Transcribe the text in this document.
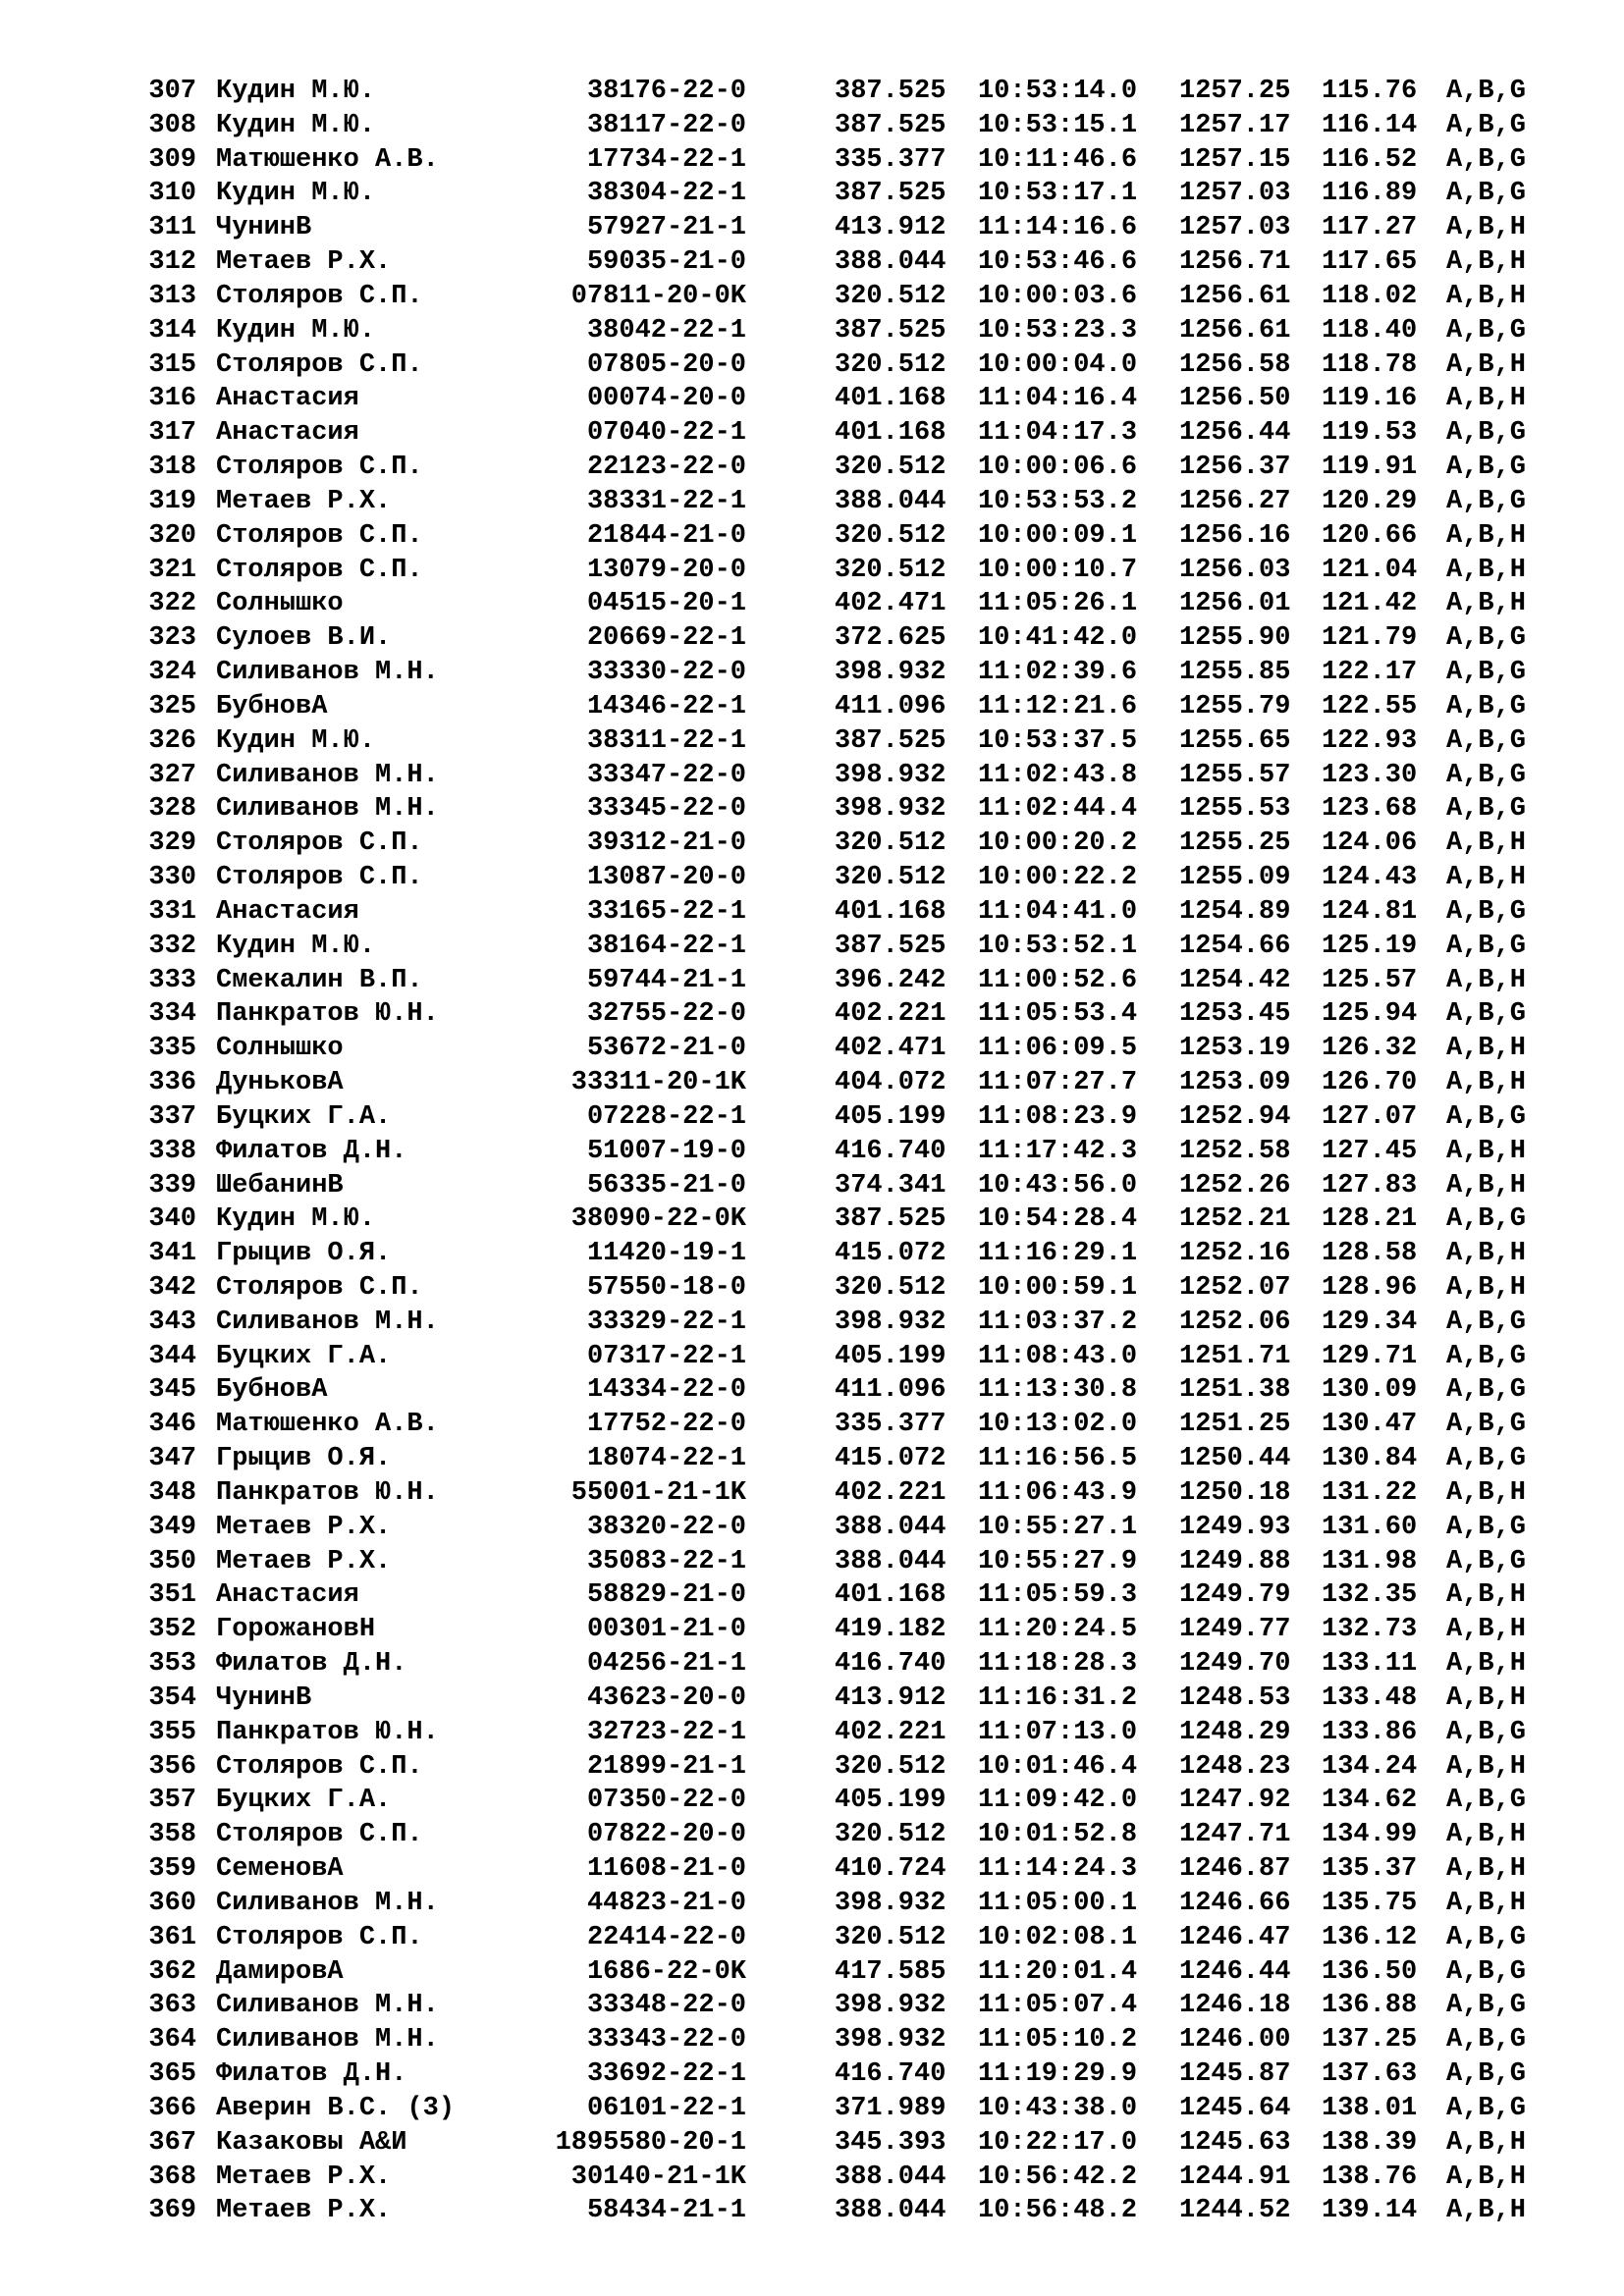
307 Кудин М.Ю.	38176-22-0	387.525 10:53:14.0 1257.25 115.76 A,B,G
308 Кудин М.Ю.	38117-22-0	387.525 10:53:15.1 1257.17 116.14 A,B,G
309 Матюшенко А.В.	17734-22-1	335.377 10:11:46.6 1257.15 116.52 A,B,G
310 Кудин М.Ю.	38304-22-1	387.525 10:53:17.1 1257.03 116.89 A,B,G
311 ЧунинВ	57927-21-1	413.912 11:14:16.6 1257.03 117.27 A,B,H
312 Метаев Р.Х.	59035-21-0	388.044 10:53:46.6 1256.71 117.65 A,B,H
313 Столяров С.П.	07811-20-0K	320.512 10:00:03.6 1256.61 118.02 A,B,H
314 Кудин М.Ю.	38042-22-1	387.525 10:53:23.3 1256.61 118.40 A,B,G
315 Столяров С.П.	07805-20-0	320.512 10:00:04.0 1256.58 118.78 A,B,H
316 Анастасия	00074-20-0	401.168 11:04:16.4 1256.50 119.16 A,B,H
317 Анастасия	07040-22-1	401.168 11:04:17.3 1256.44 119.53 A,B,G
318 Столяров С.П.	22123-22-0	320.512 10:00:06.6 1256.37 119.91 A,B,G
319 Метаев Р.Х.	38331-22-1	388.044 10:53:53.2 1256.27 120.29 A,B,G
320 Столяров С.П.	21844-21-0	320.512 10:00:09.1 1256.16 120.66 A,B,H
321 Столяров С.П.	13079-20-0	320.512 10:00:10.7 1256.03 121.04 A,B,H
322 Солнышко	04515-20-1	402.471 11:05:26.1 1256.01 121.42 A,B,H
323 Сулоев В.И.	20669-22-1	372.625 10:41:42.0 1255.90 121.79 A,B,G
324 Силиванов М.Н.	33330-22-0	398.932 11:02:39.6 1255.85 122.17 A,B,G
325 БубновА	14346-22-1	411.096 11:12:21.6 1255.79 122.55 A,B,G
326 Кудин М.Ю.	38311-22-1	387.525 10:53:37.5 1255.65 122.93 A,B,G
327 Силиванов М.Н.	33347-22-0	398.932 11:02:43.8 1255.57 123.30 A,B,G
328 Силиванов М.Н.	33345-22-0	398.932 11:02:44.4 1255.53 123.68 A,B,G
329 Столяров С.П.	39312-21-0	320.512 10:00:20.2 1255.25 124.06 A,B,H
330 Столяров С.П.	13087-20-0	320.512 10:00:22.2 1255.09 124.43 A,B,H
331 Анастасия	33165-22-1	401.168 11:04:41.0 1254.89 124.81 A,B,G
332 Кудин М.Ю.	38164-22-1	387.525 10:53:52.1 1254.66 125.19 A,B,G
333 Смекалин В.П.	59744-21-1	396.242 11:00:52.6 1254.42 125.57 A,B,H
334 Панкратов Ю.Н.	32755-22-0	402.221 11:05:53.4 1253.45 125.94 A,B,G
335 Солнышко	53672-21-0	402.471 11:06:09.5 1253.19 126.32 A,B,H
336 ДуньковА	33311-20-1K	404.072 11:07:27.7 1253.09 126.70 A,B,H
337 Буцких Г.А.	07228-22-1	405.199 11:08:23.9 1252.94 127.07 A,B,G
338 Филатов Д.Н.	51007-19-0	416.740 11:17:42.3 1252.58 127.45 A,B,H
339 ШебанинВ	56335-21-0	374.341 10:43:56.0 1252.26 127.83 A,B,H
340 Кудин М.Ю.	38090-22-0K	387.525 10:54:28.4 1252.21 128.21 A,B,G
341 Грыцив О.Я.	11420-19-1	415.072 11:16:29.1 1252.16 128.58 A,B,H
342 Столяров С.П.	57550-18-0	320.512 10:00:59.1 1252.07 128.96 A,B,H
343 Силиванов М.Н.	33329-22-1	398.932 11:03:37.2 1252.06 129.34 A,B,G
344 Буцких Г.А.	07317-22-1	405.199 11:08:43.0 1251.71 129.71 A,B,G
345 БубновА	14334-22-0	411.096 11:13:30.8 1251.38 130.09 A,B,G
346 Матюшенко А.В.	17752-22-0	335.377 10:13:02.0 1251.25 130.47 A,B,G
347 Грыцив О.Я.	18074-22-1	415.072 11:16:56.5 1250.44 130.84 A,B,G
348 Панкратов Ю.Н.	55001-21-1K	402.221 11:06:43.9 1250.18 131.22 A,B,H
349 Метаев Р.Х.	38320-22-0	388.044 10:55:27.1 1249.93 131.60 A,B,G
350 Метаев Р.Х.	35083-22-1	388.044 10:55:27.9 1249.88 131.98 A,B,G
351 Анастасия	58829-21-0	401.168 11:05:59.3 1249.79 132.35 A,B,H
352 ГорожановН	00301-21-0	419.182 11:20:24.5 1249.77 132.73 A,B,H
353 Филатов Д.Н.	04256-21-1	416.740 11:18:28.3 1249.70 133.11 A,B,H
354 ЧунинВ	43623-20-0	413.912 11:16:31.2 1248.53 133.48 A,B,H
355 Панкратов Ю.Н.	32723-22-1	402.221 11:07:13.0 1248.29 133.86 A,B,G
356 Столяров С.П.	21899-21-1	320.512 10:01:46.4 1248.23 134.24 A,B,H
357 Буцких Г.А.	07350-22-0	405.199 11:09:42.0 1247.92 134.62 A,B,G
358 Столяров С.П.	07822-20-0	320.512 10:01:52.8 1247.71 134.99 A,B,H
359 СеменовА	11608-21-0	410.724 11:14:24.3 1246.87 135.37 A,B,H
360 Силиванов М.Н.	44823-21-0	398.932 11:05:00.1 1246.66 135.75 A,B,H
361 Столяров С.П.	22414-22-0	320.512 10:02:08.1 1246.47 136.12 A,B,G
362 ДамировА	1686-22-0K	417.585 11:20:01.4 1246.44 136.50 A,B,G
363 Силиванов М.Н.	33348-22-0	398.932 11:05:07.4 1246.18 136.88 A,B,G
364 Силиванов М.Н.	33343-22-0	398.932 11:05:10.2 1246.00 137.25 A,B,G
365 Филатов Д.Н.	33692-22-1	416.740 11:19:29.9 1245.87 137.63 A,B,G
366 Аверин В.С. (3)	06101-22-1	371.989 10:43:38.0 1245.64 138.01 A,B,G
367 Казаковы А&И	1895580-20-1	345.393 10:22:17.0 1245.63 138.39 A,B,H
368 Метаев Р.Х.	30140-21-1K	388.044 10:56:42.2 1244.91 138.76 A,B,H
369 Метаев Р.Х.	58434-21-1	388.044 10:56:48.2 1244.52 139.14 A,B,H
